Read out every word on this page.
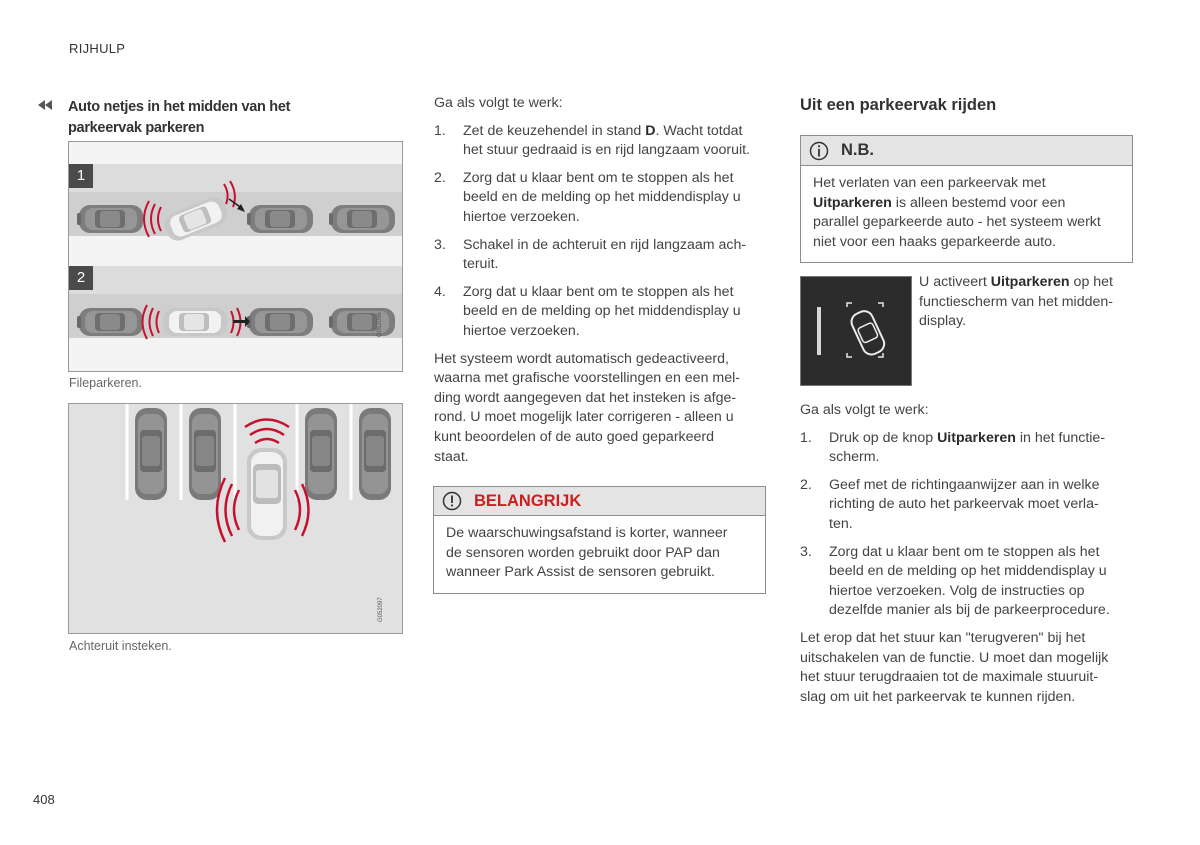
RIJHULP
408
Auto netjes in het midden van het
parkeervak parkeren
1
2
G052096
Fileparkeren.
G052097
Achteruit insteken.
Ga als volgt te werk:
1. Zet de keuzehendel in stand D. Wacht totdat
het stuur gedraaid is en rijd langzaam vooruit.
2. Zorg dat u klaar bent om te stoppen als het
beeld en de melding op het middendisplay u
hiertoe verzoeken.
3. Schakel in de achteruit en rijd langzaam ach-
teruit.
4. Zorg dat u klaar bent om te stoppen als het
beeld en de melding op het middendisplay u
hiertoe verzoeken.
Het systeem wordt automatisch gedeactiveerd,
waarna met grafische voorstellingen en een mel-
ding wordt aangegeven dat het insteken is afge-
rond. U moet mogelijk later corrigeren - alleen u
kunt beoordelen of de auto goed geparkeerd
staat.
BELANGRIJK
De waarschuwingsafstand is korter, wanneer
de sensoren worden gebruikt door PAP dan
wanneer Park Assist de sensoren gebruikt.
Uit een parkeervak rijden
N.B.
Het verlaten van een parkeervak met
Uitparkeren is alleen bestemd voor een
parallel geparkeerde auto - het systeem werkt
niet voor een haaks geparkeerde auto.
U activeert Uitparkeren op het
functiescherm van het midden-
display.
Ga als volgt te werk:
1. Druk op de knop Uitparkeren in het functie-
scherm.
2. Geef met de richtingaanwijzer aan in welke
richting de auto het parkeervak moet verla-
ten.
3. Zorg dat u klaar bent om te stoppen als het
beeld en de melding op het middendisplay u
hiertoe verzoeken. Volg de instructies op
dezelfde manier als bij de parkeerprocedure.
Let erop dat het stuur kan "terugveren" bij het
uitschakelen van de functie. U moet dan mogelijk
het stuur terugdraaien tot de maximale stuuruit-
slag om uit het parkeervak te kunnen rijden.
